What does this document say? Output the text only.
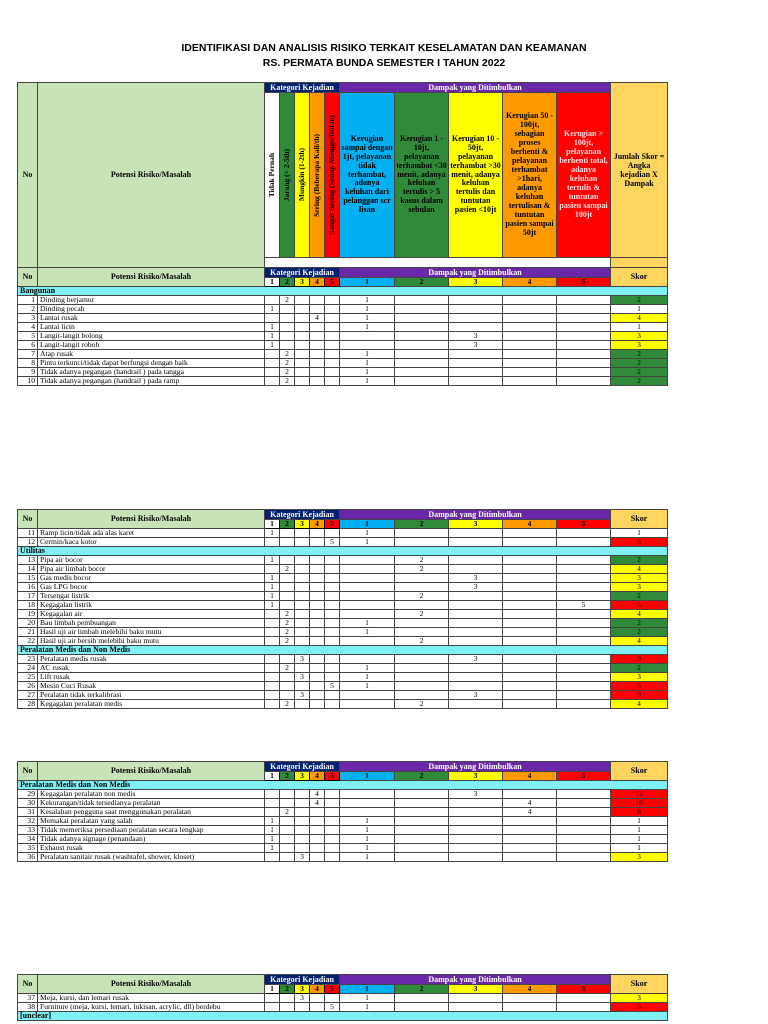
IDENTIFIKASI DAN ANALISIS RISIKO TERKAIT KESELAMATAN DAN KEAMANAN
RS. PERMATA BUNDA SEMESTER I TAHUN 2022
No	Potensi Risiko/Masalah	Kategori Kejadian					Dampak yang Ditimbulkan					Jumlah Skor = Angka kejadian X Dampak

		Tidak Pernah	Jarang (> 2-5th)	Mungkin (1-2th)	Sering (Beberapa Kali/th)	Sangat Sering (Setiap Minggu/Bulan)	Kerugian sampai dengan 1jt, pelayanan tidak terhambat, adanya keluhan dari pelanggan scr lisan	Kerugian 1 - 10jt, pelayanan terhambat <30 menit, adanya keluhan tertulis > 5 kasus dalam sebulan	Kerugian 10 - 50jt, pelayanan terhambat >30 menit, adanya keluhan tertulis dan tuntutan pasien <10jt	Kerugian 50 - 100jt, sebagian proses berhenti & pelayanan terhambat >1hari, adanya keluhan tertulisan & tuntutan pasien sampai 50jt	Kerugian > 100jt, pelayanan berhenti total, adanya keluhan tertulis & tuntutan pasien sampai 100jt	

No	Potensi Risiko/Masalah	Kategori Kejadian					Dampak yang Ditimbulkan					Skor
		1	2	3	4	5	1	2	3	4	5	
Bangunan												
1	Dinding berjamur		2				1					2
2	Dinding pecah	1					1					1
3	Lantai rusak				4		1					4
4	Lantai licin	1					1					1
5	Langit-langit bolong	1							3			3
6	Langit-langit roboh	1							3			3
7	Atap rusak		2				1					2
8	Pintu terkunci/tidak dapat berfungsi dengan baik		2				1					2
9	Tidak adanya pegangan (handrail ) pada tangga		2				1					2
10	Tidak adanya pegangan (handrail ) pada ramp		2				1					2
No	Potensi Risiko/Masalah	Kategori Kejadian					Dampak yang Ditimbulkan					Skor
		1	2	3	4	5	1	2	3	4	5	
11	Ramp licin/tidak ada alas karet	1					1					1
12	Cermin/kaca kotor					5	1					5
Utilitas												
13	Pipa air bocor	1						2				2
14	Pipa air limbah bocor		2					2				4
15	Gas medis bocor	1							3			3
16	Gas LPG bocor	1							3			3
17	Tersengat listrik	1						2				2
18	Kegagalan listrik	1									5	5
19	Kegagalan air		2					2				4
20	Bau limbah pembuangan		2				1					2
21	Hasil uji air limbah melebihi baku mutu		2				1					2
22	Hasil uji air bersih melebihi baku mutu		2					2				4
Peralatan Medis dan Non Medis												
23	Peralatan medis rusak			3					3			9
24	AC rusak		2				1					2
25	Lift rusak			3			1					3
26	Mesin Cuci Rusak					5	1					5
27	Peralatan tidak terkalibrasi			3					3			9
28	Kegagalan peralatan medis		2					2				4
No	Potensi Risiko/Masalah	Kategori Kejadian					Dampak yang Ditimbulkan					Skor
		1	2	3	4	5	1	2	3	4	5	
Peralatan Medis dan Non Medis												
29	Kegagalan peralatan non medis				4				3			12
30	Kekurangan/tidak tersedianya peralatan				4					4		16
31	Kesalahan pengguna saat menggunakan peralatan		2							4		8
32	Memakai peralatan yang salah	1					1					1
33	Tidak memeriksa persediaan peralatan secara lengkap	1					1					1
34	Tidak adanya signage (penandaan)	1					1					1
35	Exhaust rusak	1					1					1
36	Peralatan sanitair rusak (washtafel, shower, kloset)			3			1					3
No	Potensi Risiko/Masalah	Kategori Kejadian					Dampak yang Ditimbulkan					Skor
		1	2	3	4	5	1	2	3	4	5	
37	Meja, kursi, dan lemari rusak			3			1					3
38	Furniture (meja, kursi, lemari, lukisan, acrylic, dll) berdebu					5	1					5
[unclear]												
